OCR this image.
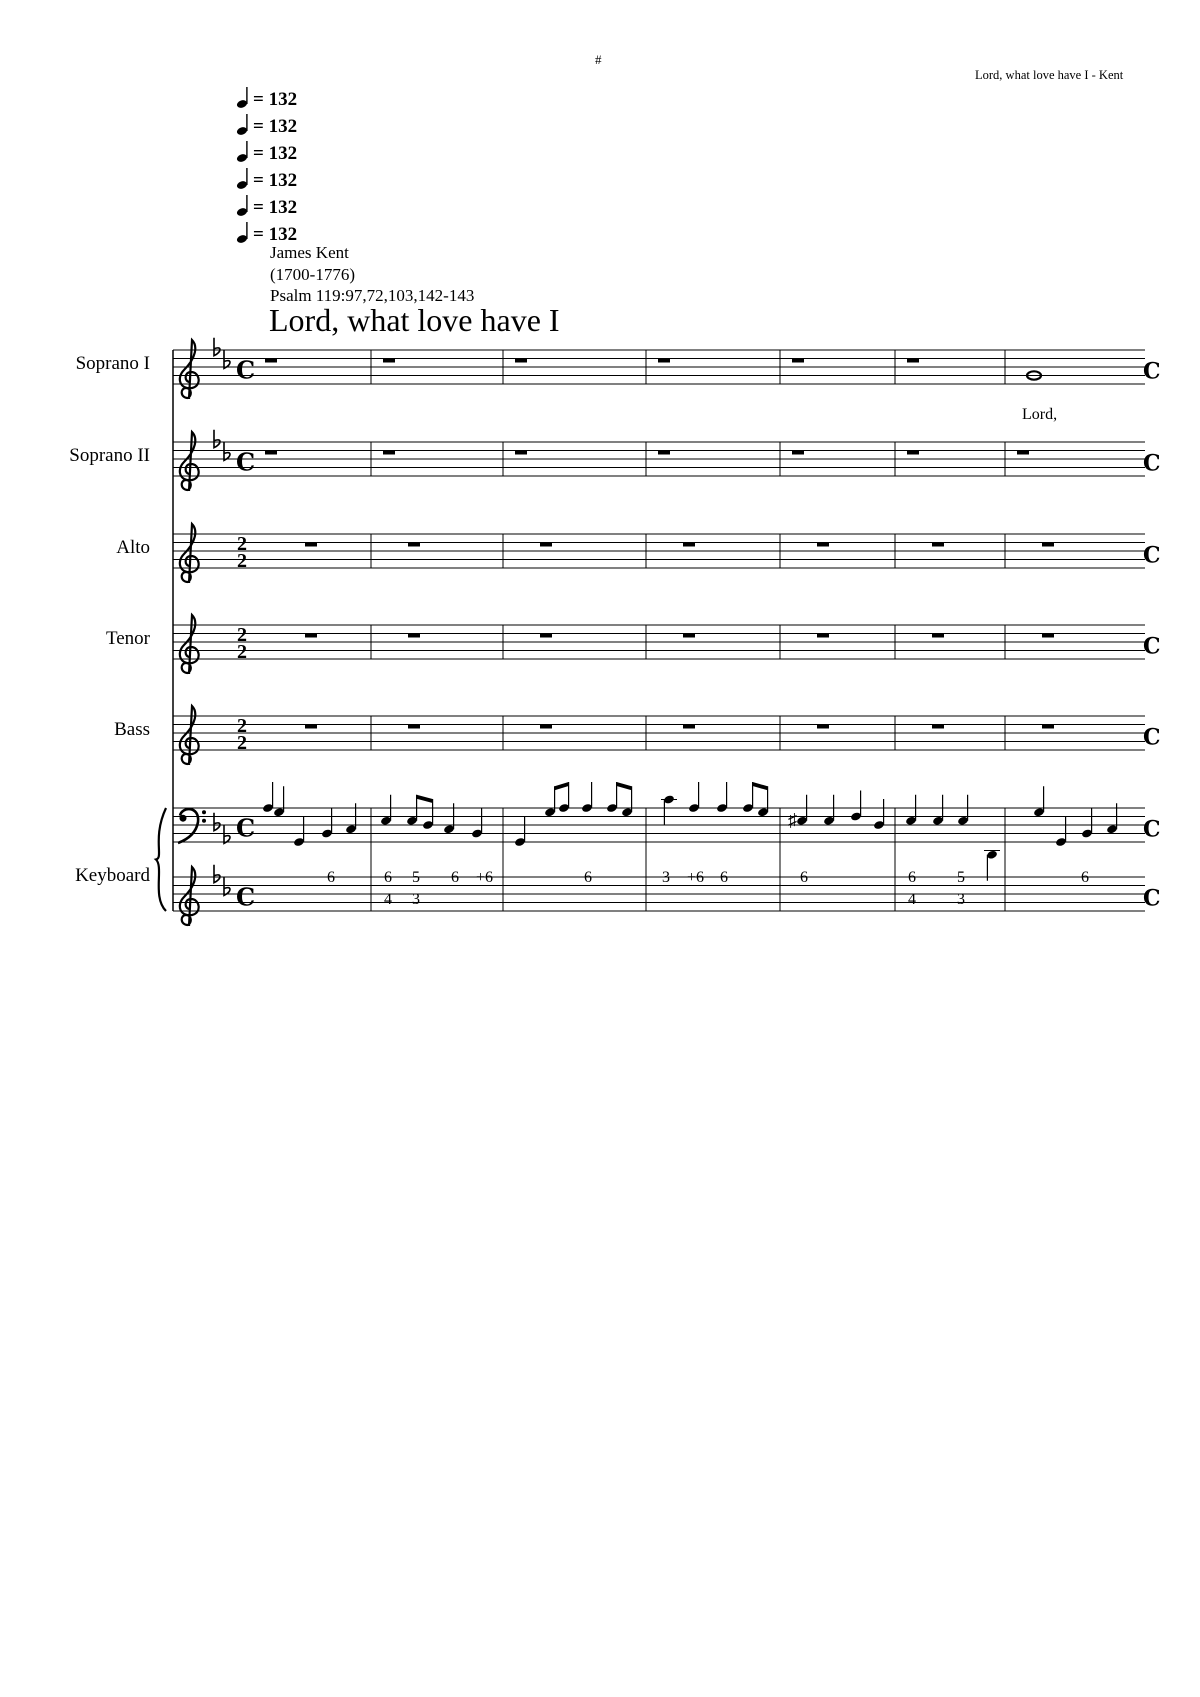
#
Lord, what love have I - Kent
= 132
= 132
= 132
= 132
= 132
= 132
James Kent
(1700-1776)
Psalm 119:97,72,103,142-143
Lord, what love have I
Soprano I
Soprano II
Alto
Tenor
Bass
Keyboard
C
C
C
C
2
2
2
2
2
2
C
C
C
C
C
C
C
Lord,
♯
6	6
4
5
3
6 +6	6	3 +6 6	6	6
4
5
3
6
